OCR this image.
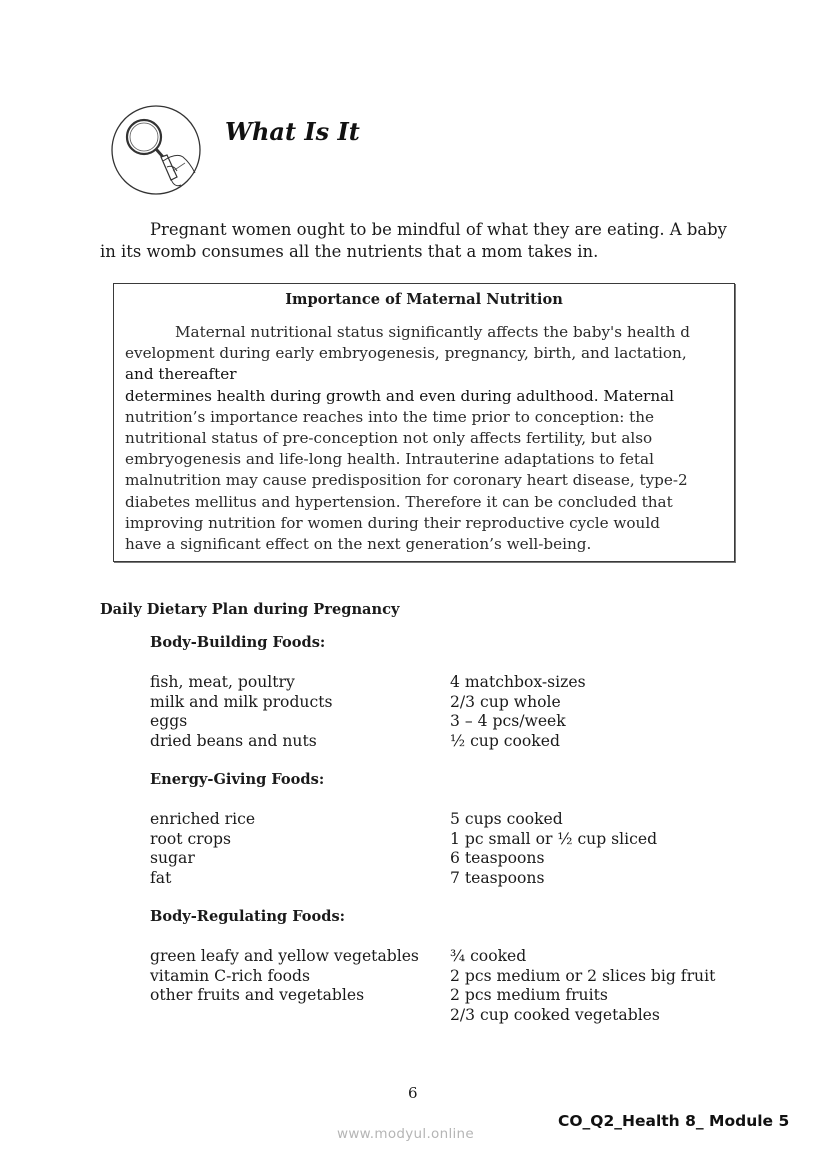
What Is It
Pregnant women ought to be mindful of what they are eating. A baby
in its womb consumes all the nutrients that a mom takes in.
Importance of Maternal Nutrition
Maternal nutritional status significantly affects the baby's health d
evelopment during early embryogenesis, pregnancy, birth, and lactation,
and thereafter
determines health during growth and even during adulthood. Maternal
nutrition’s importance reaches into the time prior to conception: the
nutritional status of pre-conception not only affects fertility, but also
embryogenesis and life-long health. Intrauterine adaptations to fetal
malnutrition may cause predisposition for coronary heart disease, type-2
diabetes mellitus and hypertension. Therefore it can be concluded that
improving nutrition for women during their reproductive cycle would
have a significant effect on the next generation’s well-being.
Daily Dietary Plan during Pregnancy
Body-Building Foods:
fish, meat, poultry	4 matchbox-sizes
milk and milk products	2/3 cup whole
eggs	3 – 4 pcs/week
dried beans and nuts	½ cup cooked
Energy-Giving Foods:
enriched rice	5 cups cooked
root crops	1 pc small or ½ cup sliced
sugar	6 teaspoons
fat	7 teaspoons
Body-Regulating Foods:
green leafy and yellow vegetables ¾ cooked
vitamin C-rich foods	2 pcs medium or 2 slices big fruit
other fruits and vegetables	2 pcs medium fruits
2/3 cup cooked vegetables
6
CO_Q2_Health 8_ Module 5
www.modyul.online
